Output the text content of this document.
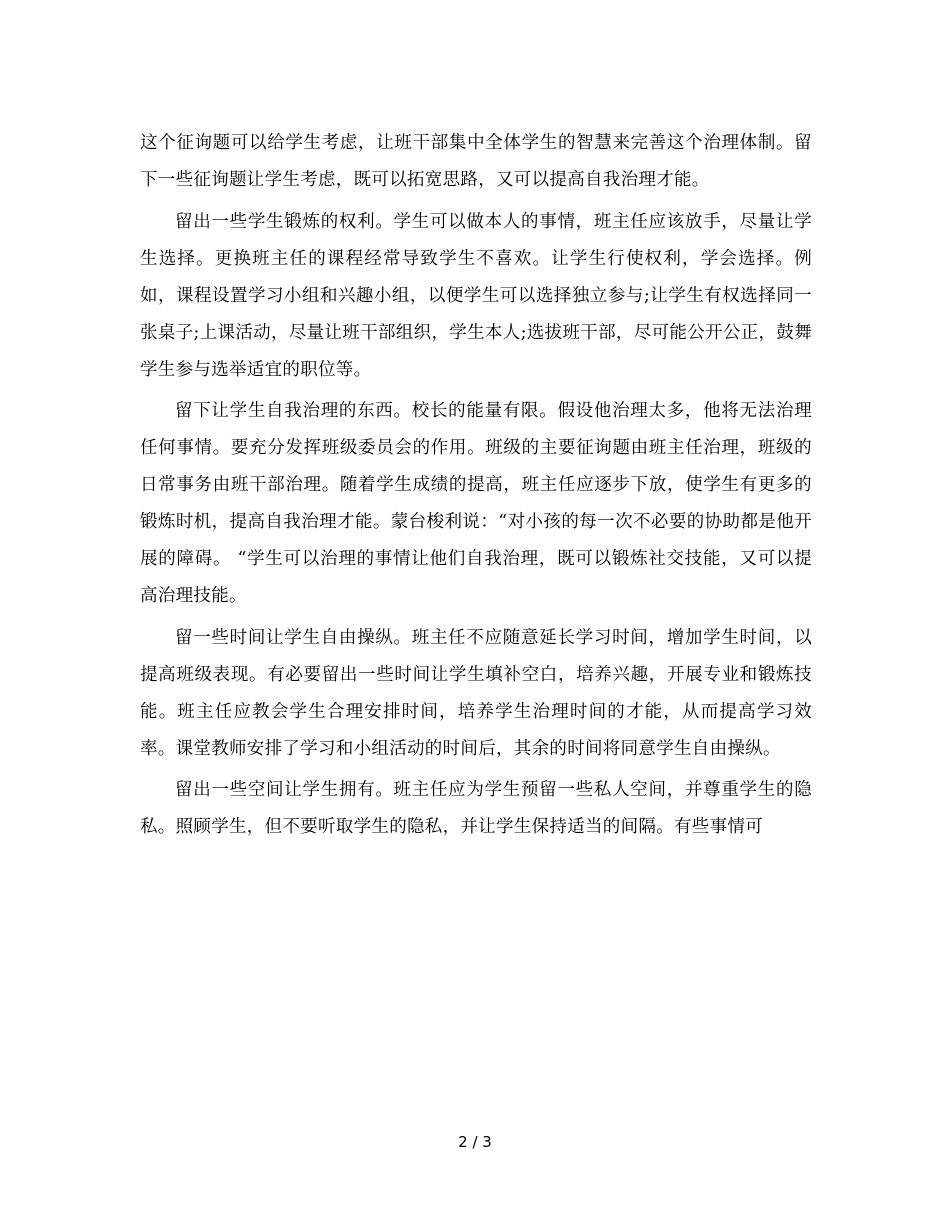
这个征询题可以给学生考虑，让班干部集中全体学生的智慧来完善这个治理体制。留下一些征询题让学生考虑，既可以拓宽思路，又可以提高自我治理才能。

留出一些学生锻炼的权利。学生可以做本人的事情，班主任应该放手，尽量让学生选择。更换班主任的课程经常导致学生不喜欢。让学生行使权利，学会选择。例如，课程设置学习小组和兴趣小组，以便学生可以选择独立参与;让学生有权选择同一张桌子;上课活动，尽量让班干部组织，学生本人;选拔班干部，尽可能公开公正，鼓舞学生参与选举适宜的职位等。

留下让学生自我治理的东西。校长的能量有限。假设他治理太多，他将无法治理任何事情。要充分发挥班级委员会的作用。班级的主要征询题由班主任治理，班级的日常事务由班干部治理。随着学生成绩的提高，班主任应逐步下放，使学生有更多的锻炼时机，提高自我治理才能。蒙台梭利说：“对小孩的每一次不必要的协助都是他开展的障碍。 “学生可以治理的事情让他们自我治理，既可以锻炼社交技能，又可以提高治理技能。

留一些时间让学生自由操纵。班主任不应随意延长学习时间，增加学生时间，以提高班级表现。有必要留出一些时间让学生填补空白，培养兴趣，开展专业和锻炼技能。班主任应教会学生合理安排时间，培养学生治理时间的才能，从而提高学习效率。课堂教师安排了学习和小组活动的时间后，其余的时间将同意学生自由操纵。

留出一些空间让学生拥有。班主任应为学生预留一些私人空间，并尊重学生的隐私。照顾学生，但不要听取学生的隐私，并让学生保持适当的间隔。有些事情可

2 / 3
